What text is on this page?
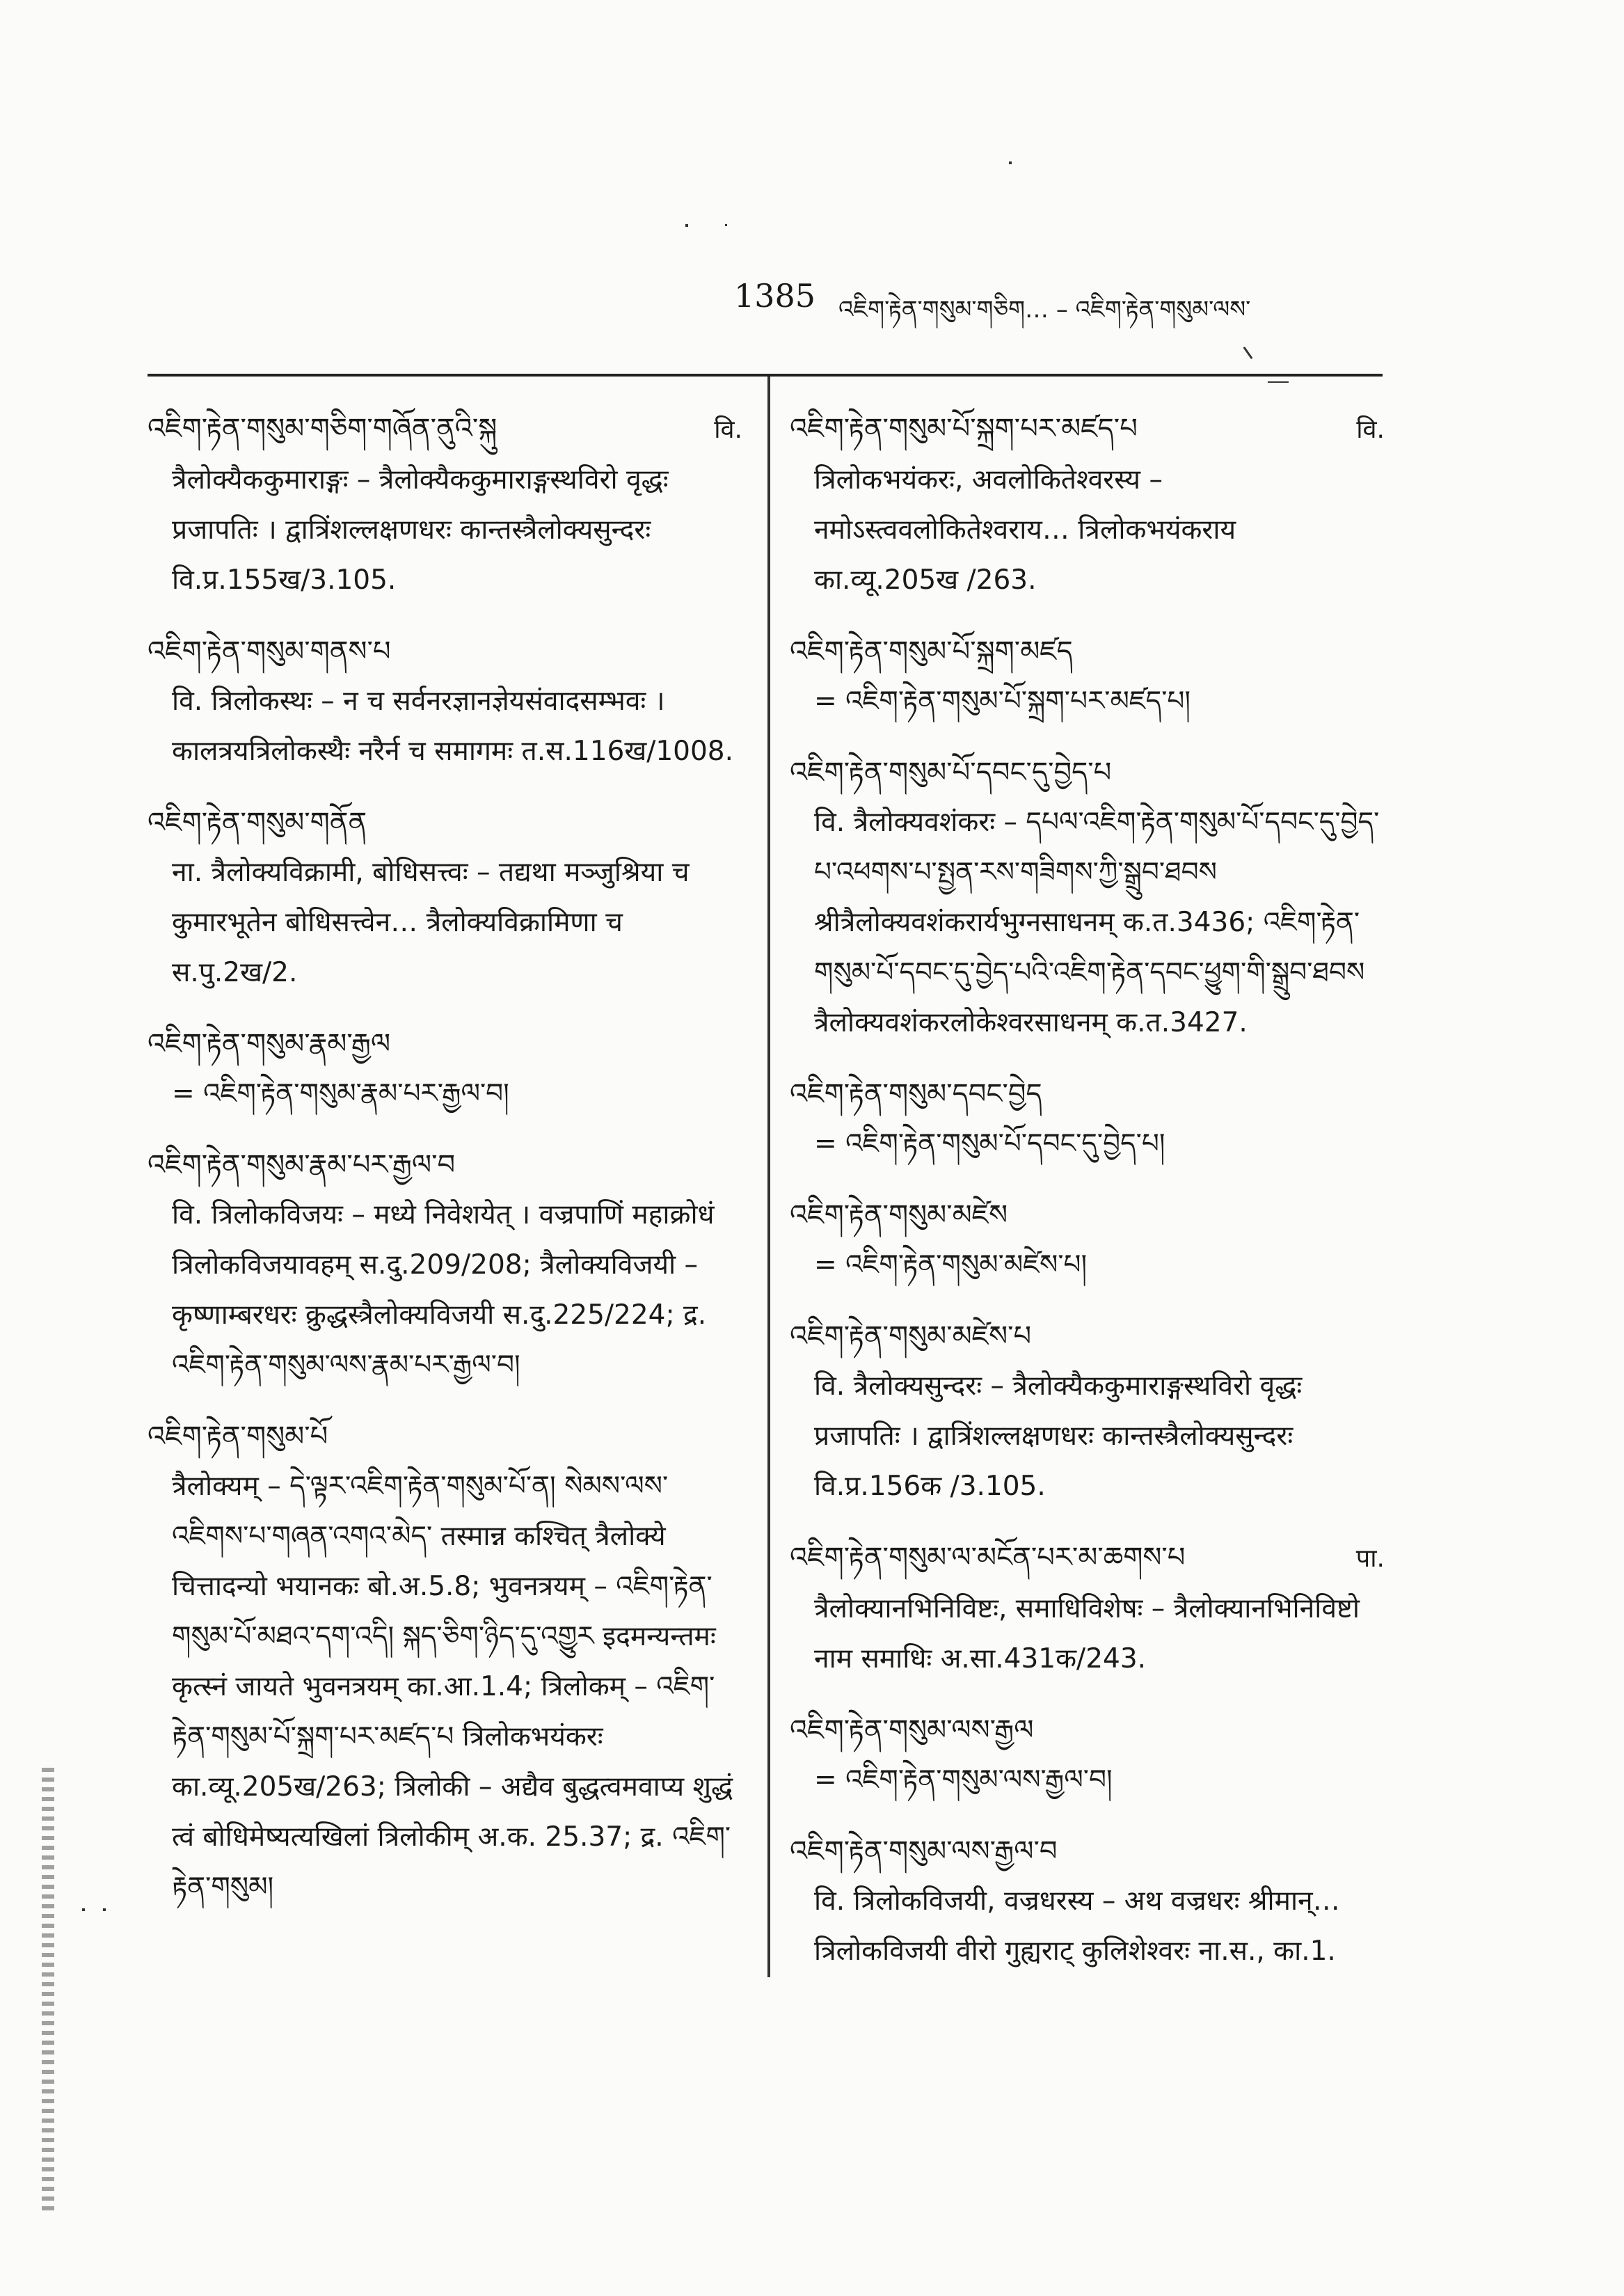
1385 འཇིག་རྟེན་གསུམ་གཅིག… – འཇིག་རྟེན་གསུམ་ལས་
འཇིག་རྟེན་གསུམ་གཅིག་གཞོན་ནུའི་སྐུ	वि.
त्रैलोक्यैककुमाराङ्गः – त्रैलोक्यैककुमाराङ्गस्थविरो वृद्धः प्रजापतिः । द्वात्रिंशल्लक्षणधरः कान्तस्त्रैलोक्यसुन्दरः वि.प्र.155ख/3.105.
འཇིག་རྟེན་གསུམ་གནས་པ
वि. त्रिलोकस्थः – न च सर्वनरज्ञानज्ञेयसंवादसम्भवः । कालत्रयत्रिलोकस्थैः नरैर्न च समागमः त.स.116ख/1008.
འཇིག་རྟེན་གསུམ་གནོན
ना. त्रैलोक्यविक्रामी, बोधिसत्त्वः – तद्यथा मञ्जुश्रिया च कुमारभूतेन बोधिसत्त्वेन… त्रैलोक्यविक्रामिणा च स.पु.2ख/2.
འཇིག་རྟེན་གསུམ་རྣམ་རྒྱལ
= འཇིག་རྟེན་གསུམ་རྣམ་པར་རྒྱལ་བ།
འཇིག་རྟེན་གསུམ་རྣམ་པར་རྒྱལ་བ
वि. त्रिलोकविजयः – मध्ये निवेशयेत् । वज्रपाणिं महाक्रोधं त्रिलोकविजयावहम् स.दु.209/208; त्रैलोक्यविजयी – कृष्णाम्बरधरः क्रुद्धस्त्रैलोक्यविजयी स.दु.225/224; द्र. འཇིག་རྟེན་གསུམ་ལས་རྣམ་པར་རྒྱལ་བ།
འཇིག་རྟེན་གསུམ་པོ
त्रैलोक्यम् – དེ་ལྟར་འཇིག་རྟེན་གསུམ་པོ་ན། སེམས་ལས་འཇིགས་པ་གཞན་འགའ་མེད་ तस्मान्न कश्चित् त्रैलोक्ये चित्तादन्यो भयानकः बो.अ.5.8; भुवनत्रयम् – འཇིག་རྟེན་གསུམ་པོ་མཐའ་དག་འདི། སྐད་ཅིག་ཉིད་དུ་འགྱུར इदमन्यन्तमः कृत्स्नं जायते भुवनत्रयम् का.आ.1.4; त्रिलोकम् – འཇིག་རྟེན་གསུམ་པོ་སྐྲག་པར་མཛད་པ त्रिलोकभयंकरः का.व्यू.205ख/263; त्रिलोकी – अद्यैव बुद्धत्वमवाप्य शुद्धं त्वं बोधिमेष्यत्यखिलां त्रिलोकीम् अ.क. 25.37; द्र. འཇིག་རྟེན་གསུམ།
འཇིག་རྟེན་གསུམ་པོ་སྐྲག་པར་མཛད་པ	वि.
त्रिलोकभयंकरः, अवलोकितेश्वरस्य – नमोऽस्त्ववलोकितेश्वराय… त्रिलोकभयंकराय का.व्यू.205ख /263.
འཇིག་རྟེན་གསུམ་པོ་སྐྲག་མཛད
= འཇིག་རྟེན་གསུམ་པོ་སྐྲག་པར་མཛད་པ།
འཇིག་རྟེན་གསུམ་པོ་དབང་དུ་བྱེད་པ
वि. त्रैलोक्यवशंकरः – དཔལ་འཇིག་རྟེན་གསུམ་པོ་དབང་དུ་བྱེད་པ་འཕགས་པ་སྤྱན་རས་གཟིགས་ཀྱི་སྒྲུབ་ཐབས श्रीत्रैलोक्यवशंकरार्यभुग्नसाधनम् क.त.3436; འཇིག་རྟེན་གསུམ་པོ་དབང་དུ་བྱེད་པའི་འཇིག་རྟེན་དབང་ཕྱུག་གི་སྒྲུབ་ཐབས त्रैलोक्यवशंकरलोकेश्वरसाधनम् क.त.3427.
འཇིག་རྟེན་གསུམ་དབང་བྱེད
= འཇིག་རྟེན་གསུམ་པོ་དབང་དུ་བྱེད་པ།
འཇིག་རྟེན་གསུམ་མཛེས
= འཇིག་རྟེན་གསུམ་མཛེས་པ།
འཇིག་རྟེན་གསུམ་མཛེས་པ
वि. त्रैलोक्यसुन्दरः – त्रैलोक्यैककुमाराङ्गस्थविरो वृद्धः प्रजापतिः । द्वात्रिंशल्लक्षणधरः कान्तस्त्रैलोक्यसुन्दरः वि.प्र.156क /3.105.
འཇིག་རྟེན་གསུམ་ལ་མངོན་པར་མ་ཆགས་པ	पा.
त्रैलोक्यानभिनिविष्टः, समाधिविशेषः – त्रैलोक्यानभिनिविष्टो नाम समाधिः अ.सा.431क/243.
འཇིག་རྟེན་གསུམ་ལས་རྒྱལ
= འཇིག་རྟེན་གསུམ་ལས་རྒྱལ་བ།
འཇིག་རྟེན་གསུམ་ལས་རྒྱལ་བ
वि. त्रिलोकविजयी, वज्रधरस्य – अथ वज्रधरः श्रीमान्… त्रिलोकविजयी वीरो गुह्यराट् कुलिशेश्वरः ना.स., का.1.
